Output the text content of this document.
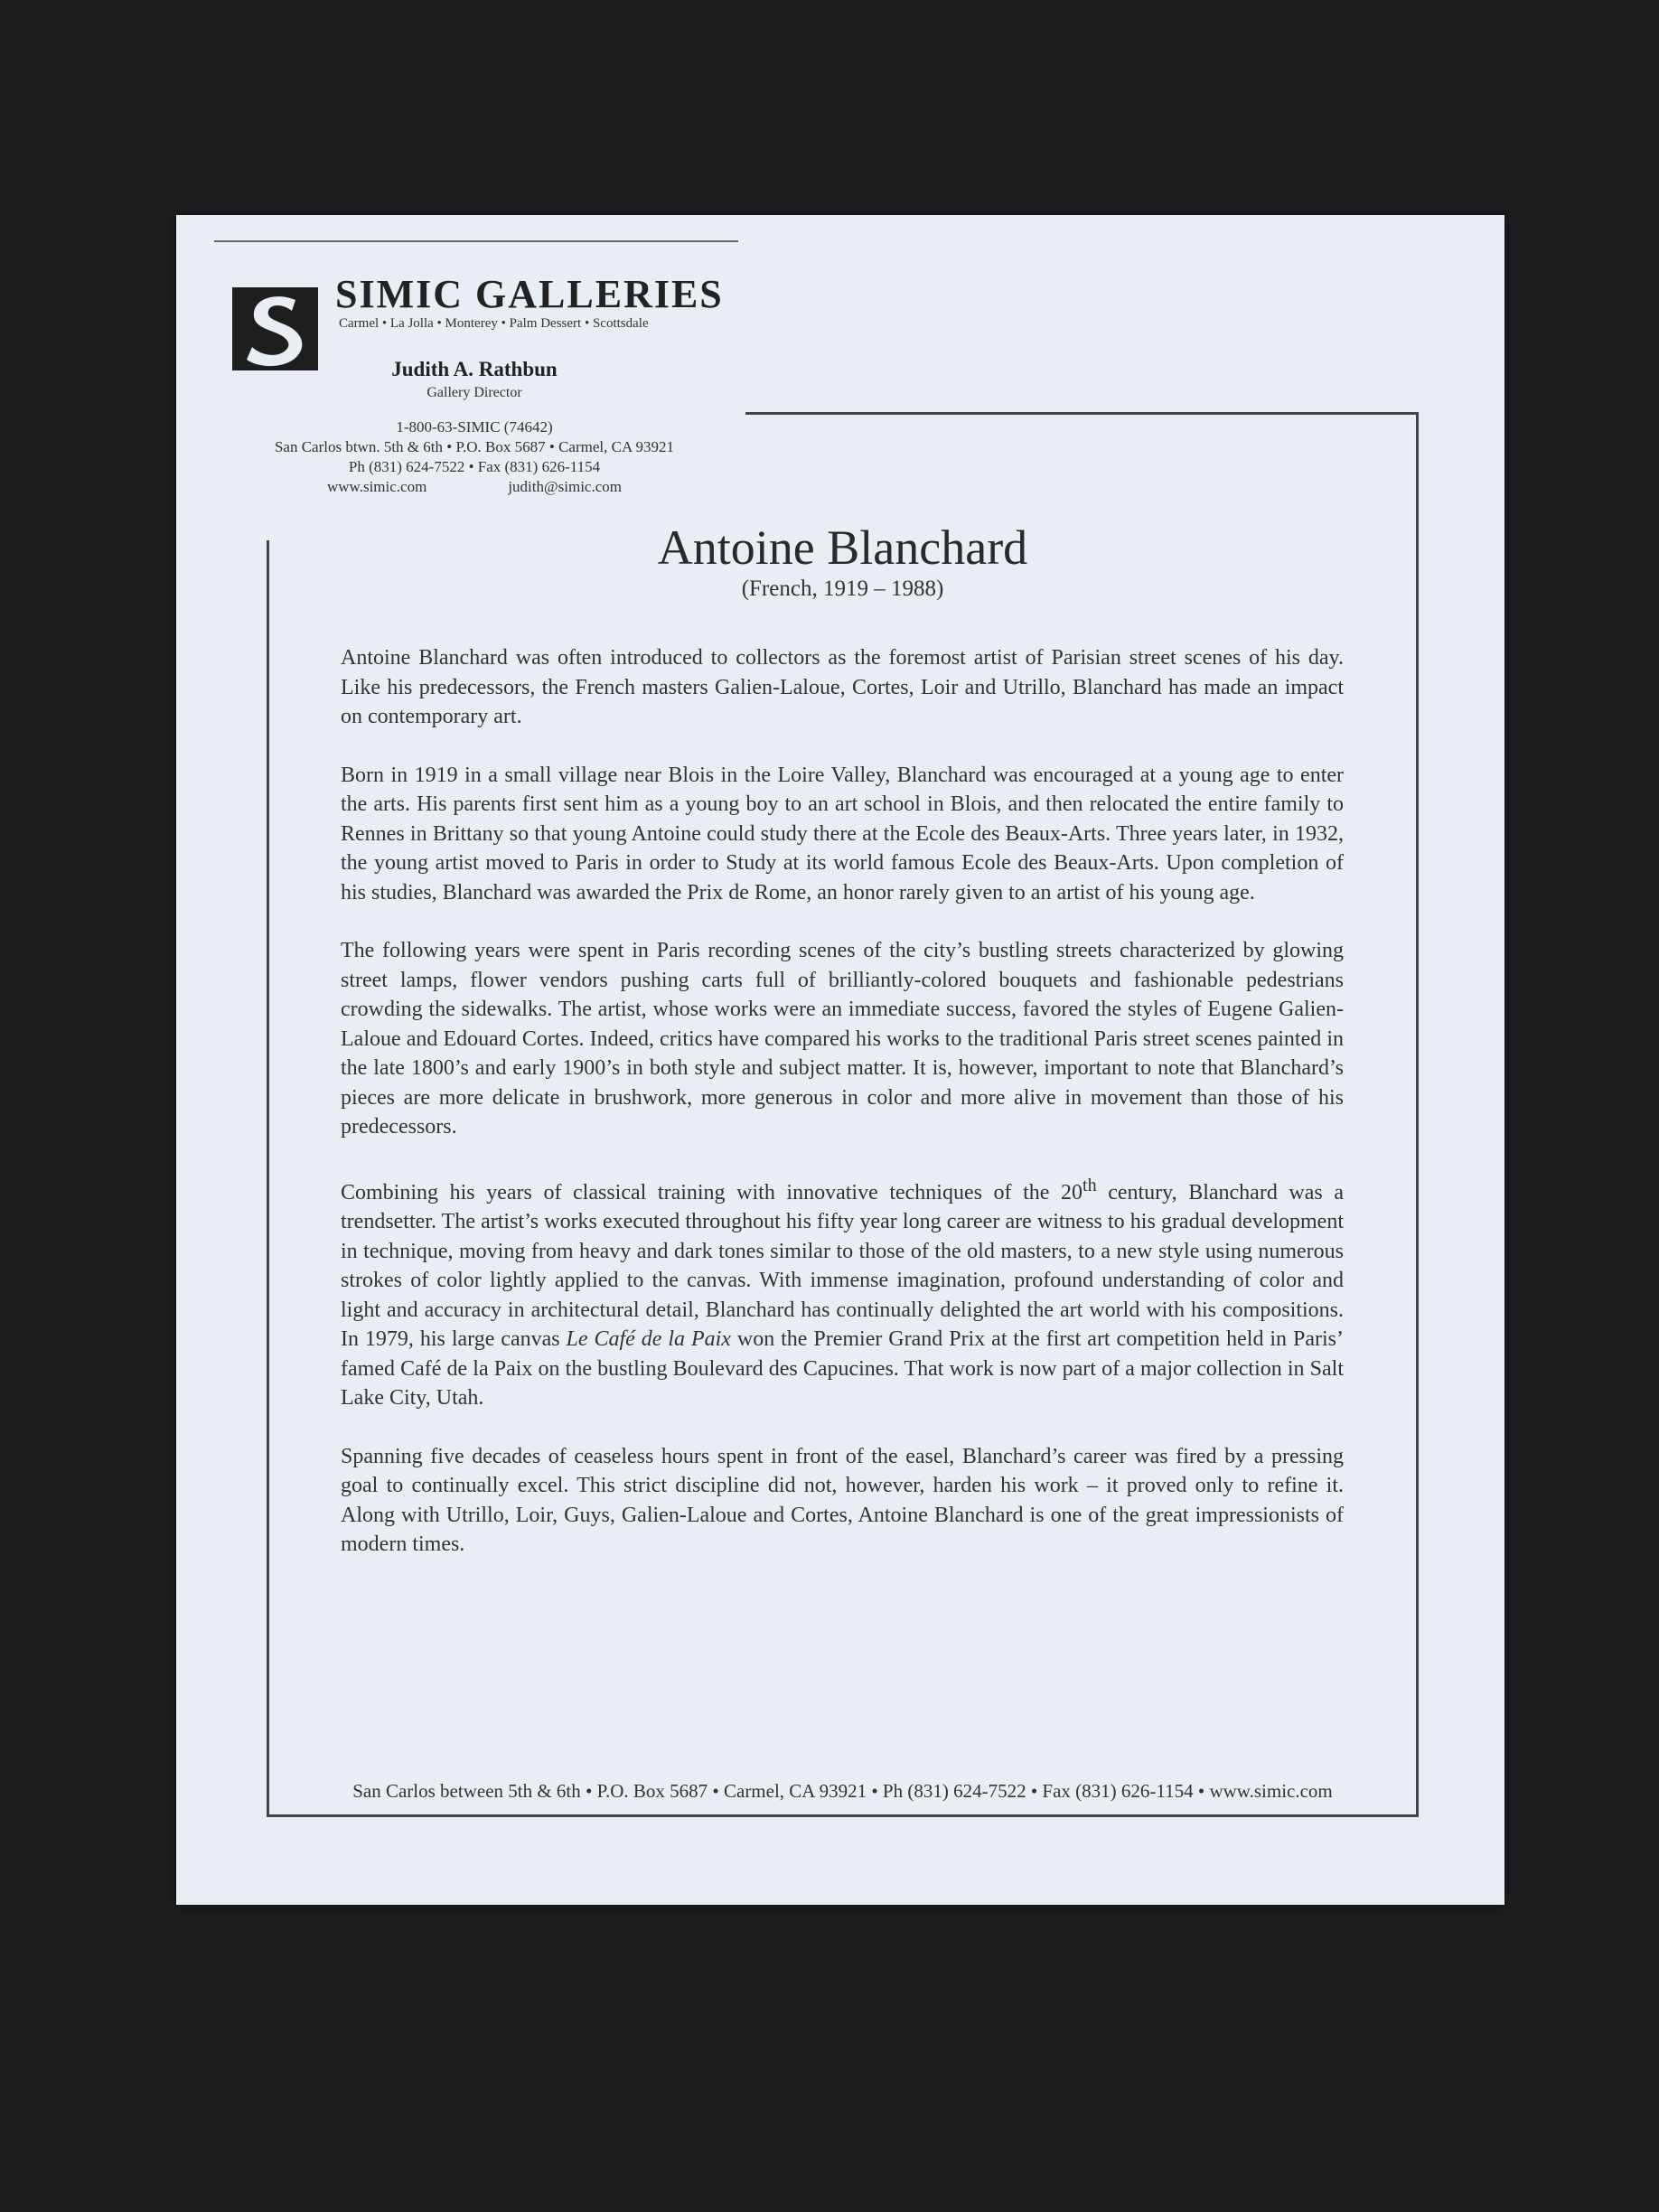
SIMIC GALLERIES
Carmel • La Jolla • Monterey • Palm Dessert • Scottsdale
Judith A. Rathbun
Gallery Director
1-800-63-SIMIC (74642)
San Carlos btwn. 5th & 6th • P.O. Box 5687 • Carmel, CA 93921
Ph (831) 624-7522 • Fax (831) 626-1154
www.simic.com	judith@simic.com
Antoine Blanchard
(French, 1919 – 1988)

Antoine Blanchard was often introduced to collectors as the foremost artist of Parisian street scenes of his day. Like his predecessors, the French masters Galien-Laloue, Cortes, Loir and Utrillo, Blanchard has made an impact on contemporary art.

Born in 1919 in a small village near Blois in the Loire Valley, Blanchard was encouraged at a young age to enter the arts. His parents first sent him as a young boy to an art school in Blois, and then relocated the entire family to Rennes in Brittany so that young Antoine could study there at the Ecole des Beaux-Arts. Three years later, in 1932, the young artist moved to Paris in order to Study at its world famous Ecole des Beaux-Arts. Upon completion of his studies, Blanchard was awarded the Prix de Rome, an honor rarely given to an artist of his young age.

The following years were spent in Paris recording scenes of the city’s bustling streets characterized by glowing street lamps, flower vendors pushing carts full of brilliantly-colored bouquets and fashionable pedestrians crowding the sidewalks. The artist, whose works were an immediate success, favored the styles of Eugene Galien-Laloue and Edouard Cortes. Indeed, critics have compared his works to the traditional Paris street scenes painted in the late 1800’s and early 1900’s in both style and subject matter. It is, however, important to note that Blanchard’s pieces are more delicate in brushwork, more generous in color and more alive in movement than those of his predecessors.

Combining his years of classical training with innovative techniques of the 20th century, Blanchard was a trendsetter. The artist’s works executed throughout his fifty year long career are witness to his gradual development in technique, moving from heavy and dark tones similar to those of the old masters, to a new style using numerous strokes of color lightly applied to the canvas. With immense imagination, profound understanding of color and light and accuracy in architectural detail, Blanchard has continually delighted the art world with his compositions. In 1979, his large canvas Le Café de la Paix won the Premier Grand Prix at the first art competition held in Paris’ famed Café de la Paix on the bustling Boulevard des Capucines. That work is now part of a major collection in Salt Lake City, Utah.

Spanning five decades of ceaseless hours spent in front of the easel, Blanchard’s career was fired by a pressing goal to continually excel. This strict discipline did not, however, harden his work – it proved only to refine it. Along with Utrillo, Loir, Guys, Galien-Laloue and Cortes, Antoine Blanchard is one of the great impressionists of modern times.

San Carlos between 5th & 6th • P.O. Box 5687 • Carmel, CA 93921 • Ph (831) 624-7522 • Fax (831) 626-1154 • www.simic.com
